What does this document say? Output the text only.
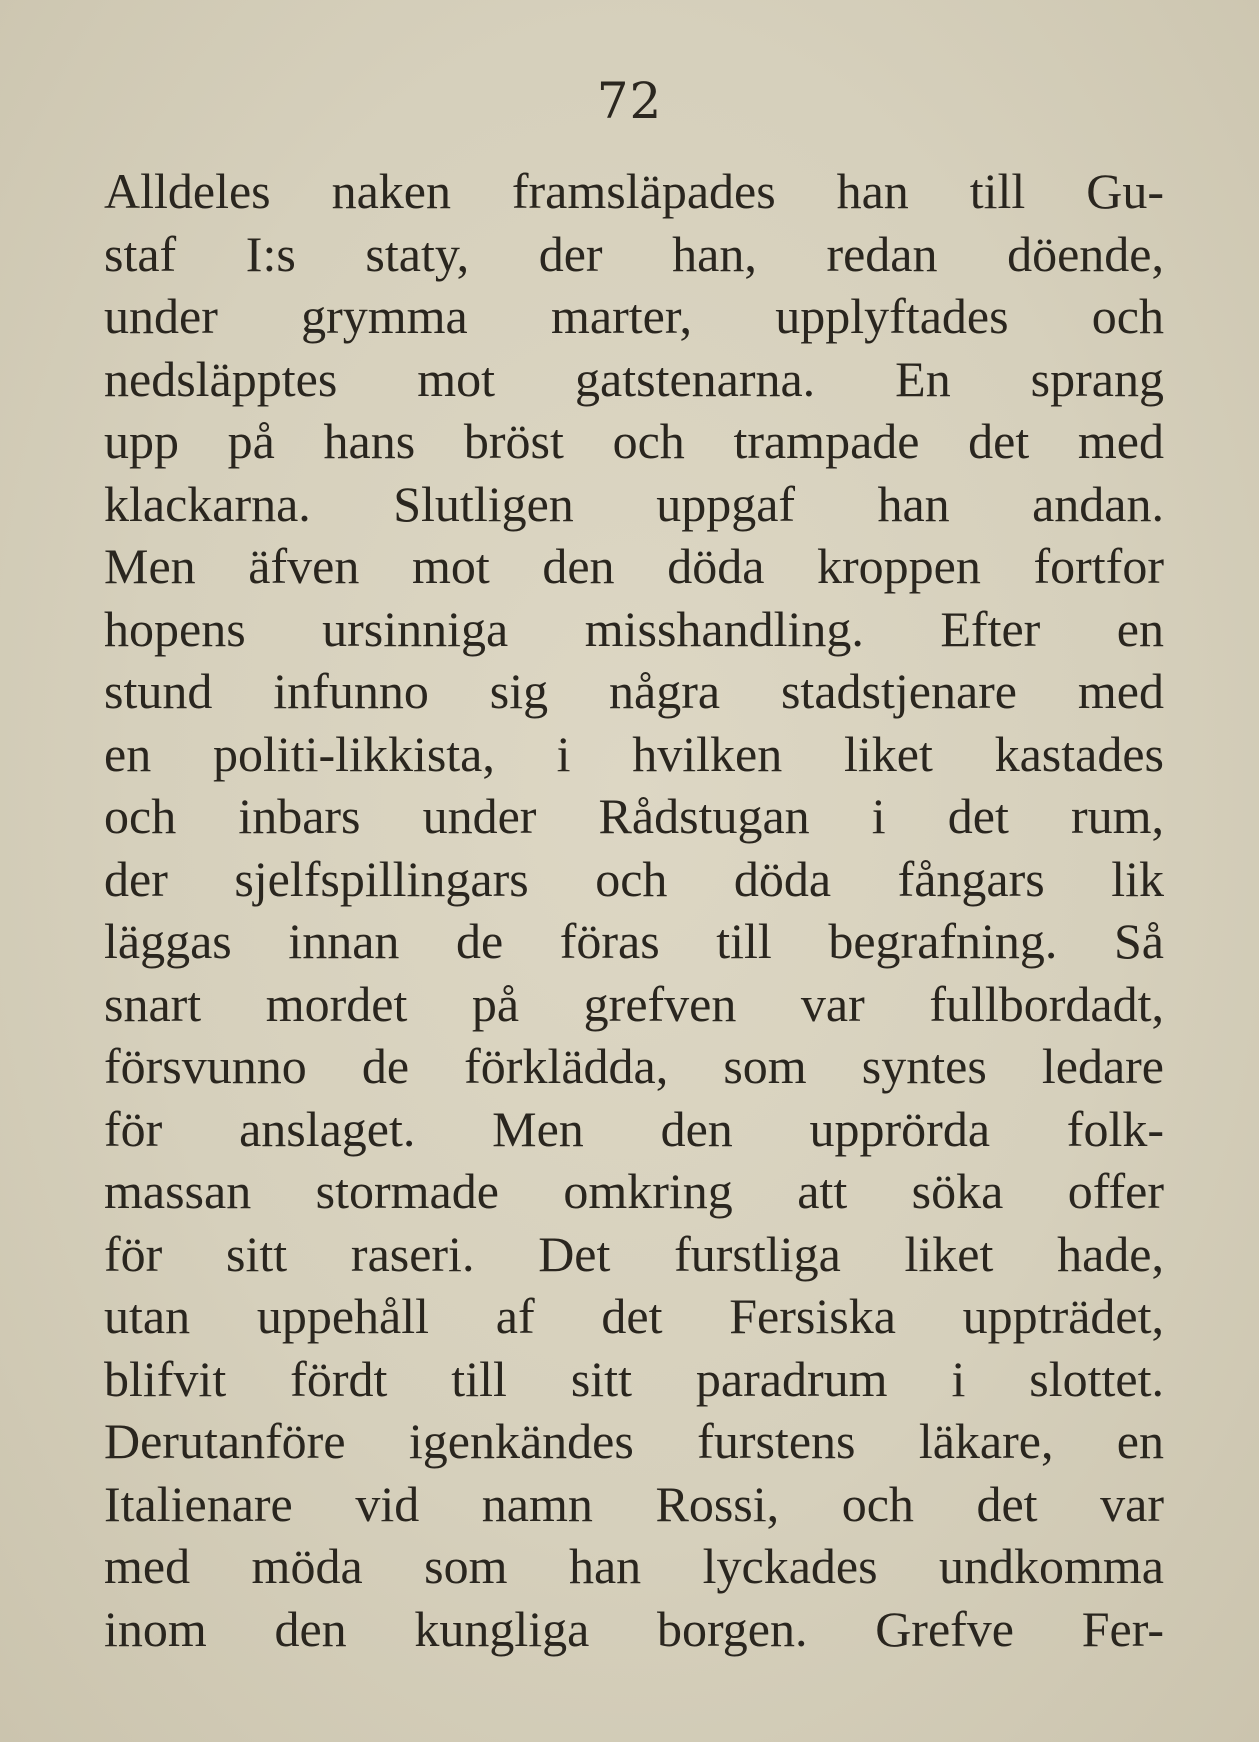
72
Alldeles naken framsläpades han till Gu-
staf I:s staty, der han, redan döende,
under grymma marter, upplyftades och
nedsläpptes mot gatstenarna. En sprang
upp på hans bröst och trampade det med
klackarna. Slutligen uppgaf han andan.
Men äfven mot den döda kroppen fortfor
hopens ursinniga misshandling. Efter en
stund infunno sig några stadstjenare med
en politi-likkista, i hvilken liket kastades
och inbars under Rådstugan i det rum,
der sjelfspillingars och döda fångars lik
läggas innan de föras till begrafning. Så
snart mordet på grefven var fullbordadt,
försvunno de förklädda, som syntes ledare
för anslaget. Men den upprörda folk-
massan stormade omkring att söka offer
för sitt raseri. Det furstliga liket hade,
utan uppehåll af det Fersiska uppträdet,
blifvit fördt till sitt paradrum i slottet.
Derutanföre igenkändes furstens läkare, en
Italienare vid namn Rossi, och det var
med möda som han lyckades undkomma
inom den kungliga borgen. Grefve Fer-
